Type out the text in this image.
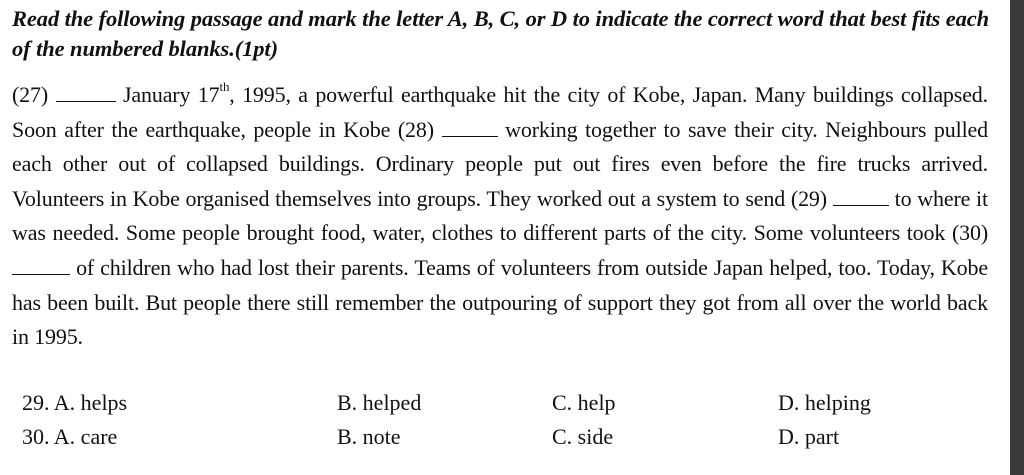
Read the following passage and mark the letter A, B, C, or D to indicate the correct word that best fits each of the numbered blanks.(1pt)
(27)	January 17th, 1995, a powerful earthquake hit the city of Kobe, Japan. Many buildings collapsed. Soon after the earthquake, people in Kobe (28)	working together to save their city. Neighbours pulled each other out of collapsed buildings. Ordinary people put out fires even before the fire trucks arrived. Volunteers in Kobe organised themselves into groups. They worked out a system to send (29)	to where it was needed. Some people brought food, water, clothes to different parts of the city. Some volunteers took (30)  of children who had lost their parents. Teams of volunteers from outside Japan helped, too. Today, Kobe has been built. But people there still remember the outpouring of support they got from all over the world back in 1995.
29. A. helps	B. helped	C. help	D. helping
30. A. care	B. note	C. side	D. part
